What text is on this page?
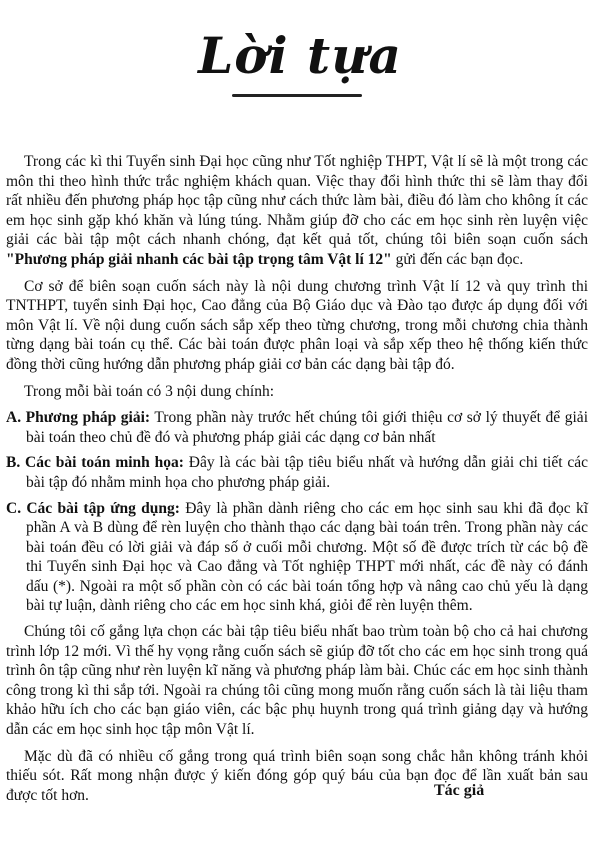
Lời tựa

Trong các kì thi Tuyển sinh Đại học cũng như Tốt nghiệp THPT, Vật lí sẽ là một trong các môn thi theo hình thức trắc nghiệm khách quan. Việc thay đổi hình thức thi sẽ làm thay đổi rất nhiều đến phương pháp học tập cũng như cách thức làm bài, điều đó làm cho không ít các em học sinh gặp khó khăn và lúng túng. Nhằm giúp đỡ cho các em học sinh rèn luyện việc giải các bài tập một cách nhanh chóng, đạt kết quả tốt, chúng tôi biên soạn cuốn sách "Phương pháp giải nhanh các bài tập trọng tâm Vật lí 12" gửi đến các bạn đọc.

Cơ sở để biên soạn cuốn sách này là nội dung chương trình Vật lí 12 và quy trình thi TNTHPT, tuyển sinh Đại học, Cao đẳng của Bộ Giáo dục và Đào tạo được áp dụng đối với môn Vật lí. Về nội dung cuốn sách sắp xếp theo từng chương, trong mỗi chương chia thành từng dạng bài toán cụ thể. Các bài toán được phân loại và sắp xếp theo hệ thống kiến thức đồng thời cũng hướng dẫn phương pháp giải cơ bản các dạng bài tập đó.

Trong mỗi bài toán có 3 nội dung chính:

A. Phương pháp giải: Trong phần này trước hết chúng tôi giới thiệu cơ sở lý thuyết để giải bài toán theo chủ đề đó và phương pháp giải các dạng cơ bản nhất

B. Các bài toán minh họa: Đây là các bài tập tiêu biểu nhất và hướng dẫn giải chi tiết các bài tập đó nhằm minh họa cho phương pháp giải.

C. Các bài tập ứng dụng: Đây là phần dành riêng cho các em học sinh sau khi đã đọc kĩ phần A và B dùng để rèn luyện cho thành thạo các dạng bài toán trên. Trong phần này các bài toán đều có lời giải và đáp số ở cuối mỗi chương. Một số đề được trích từ các bộ đề thi Tuyển sinh Đại học và Cao đẳng và Tốt nghiệp THPT mới nhất, các đề này có đánh dấu (*). Ngoài ra một số phần còn có các bài toán tổng hợp và nâng cao chủ yếu là dạng bài tự luận, dành riêng cho các em học sinh khá, giỏi để rèn luyện thêm.

Chúng tôi cố gắng lựa chọn các bài tập tiêu biểu nhất bao trùm toàn bộ cho cả hai chương trình lớp 12 mới. Vì thế hy vọng rằng cuốn sách sẽ giúp đỡ tốt cho các em học sinh trong quá trình ôn tập cũng như rèn luyện kĩ năng và phương pháp làm bài. Chúc các em học sinh thành công trong kì thi sắp tới. Ngoài ra chúng tôi cũng mong muốn rằng cuốn sách là tài liệu tham khảo hữu ích cho các bạn giáo viên, các bậc phụ huynh trong quá trình giảng dạy và hướng dẫn các em học sinh học tập môn Vật lí.

Mặc dù đã có nhiều cố gắng trong quá trình biên soạn song chắc hẳn không tránh khỏi thiếu sót. Rất mong nhận được ý kiến đóng góp quý báu của bạn đọc để lần xuất bản sau được tốt hơn.	Tác giả
